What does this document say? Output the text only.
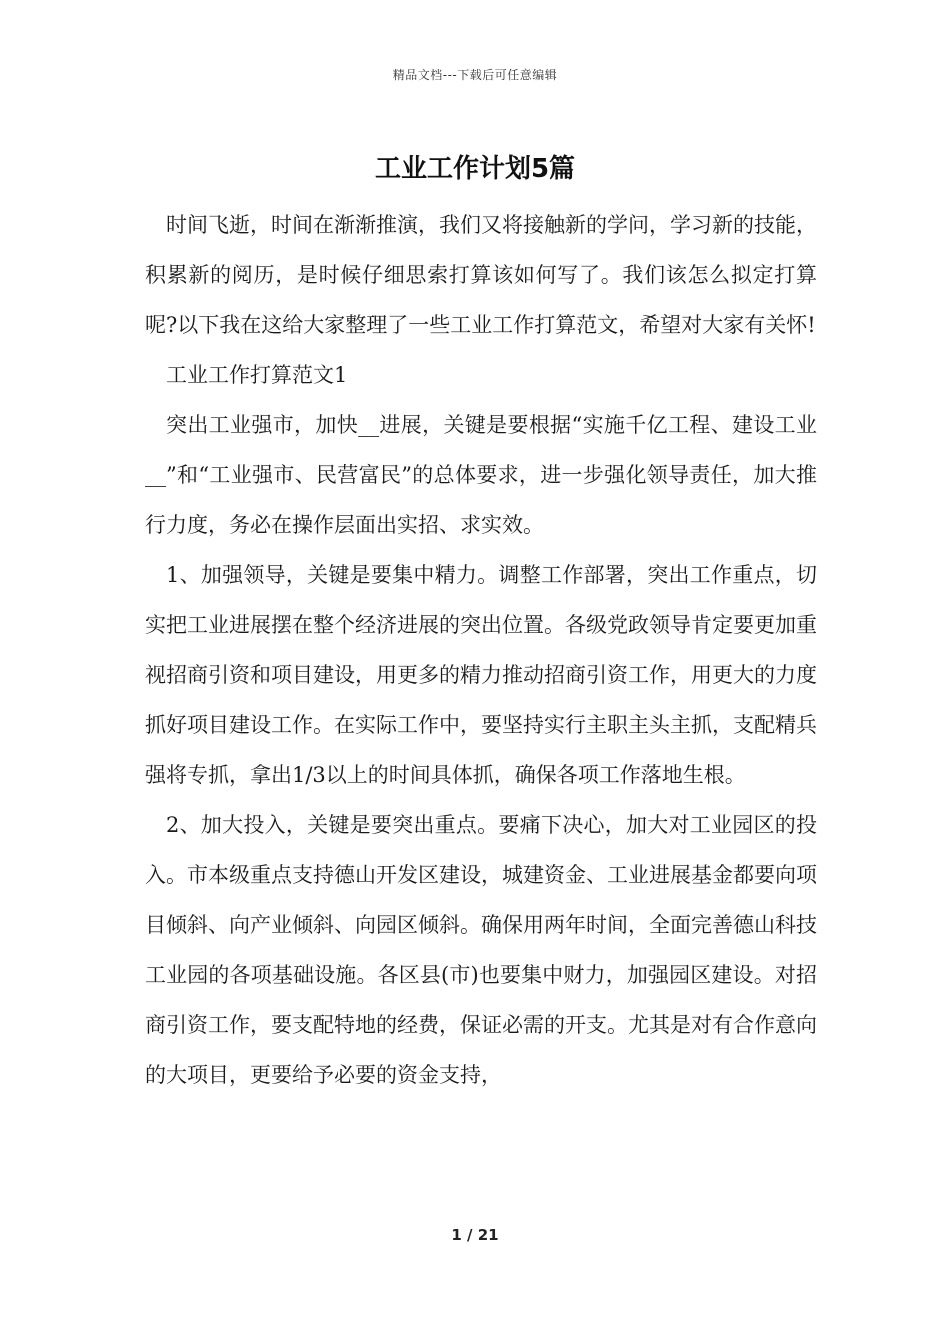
精品文档---下载后可任意编辑
工业工作计划5篇

时间飞逝，时间在渐渐推演，我们又将接触新的学问，学习新的技能，积累新的阅历，是时候仔细思索打算该如何写了。我们该怎么拟定打算呢?以下我在这给大家整理了一些工业工作打算范文，希望对大家有关怀!

工业工作打算范文1

突出工业强市，加快__进展，关键是要根据“实施千亿工程、建设工业__”和“工业强市、民营富民”的总体要求，进一步强化领导责任，加大推行力度，务必在操作层面出实招、求实效。

1、加强领导，关键是要集中精力。调整工作部署，突出工作重点，切实把工业进展摆在整个经济进展的突出位置。各级党政领导肯定要更加重视招商引资和项目建设，用更多的精力推动招商引资工作，用更大的力度抓好项目建设工作。在实际工作中，要坚持实行主职主头主抓，支配精兵强将专抓，拿出1/3以上的时间具体抓，确保各项工作落地生根。

2、加大投入，关键是要突出重点。要痛下决心，加大对工业园区的投入。市本级重点支持德山开发区建设，城建资金、工业进展基金都要向项目倾斜、向产业倾斜、向园区倾斜。确保用两年时间，全面完善德山科技工业园的各项基础设施。各区县(市)也要集中财力，加强园区建设。对招商引资工作，要支配特地的经费，保证必需的开支。尤其是对有合作意向的大项目，更要给予必要的资金支持，

1 / 21
